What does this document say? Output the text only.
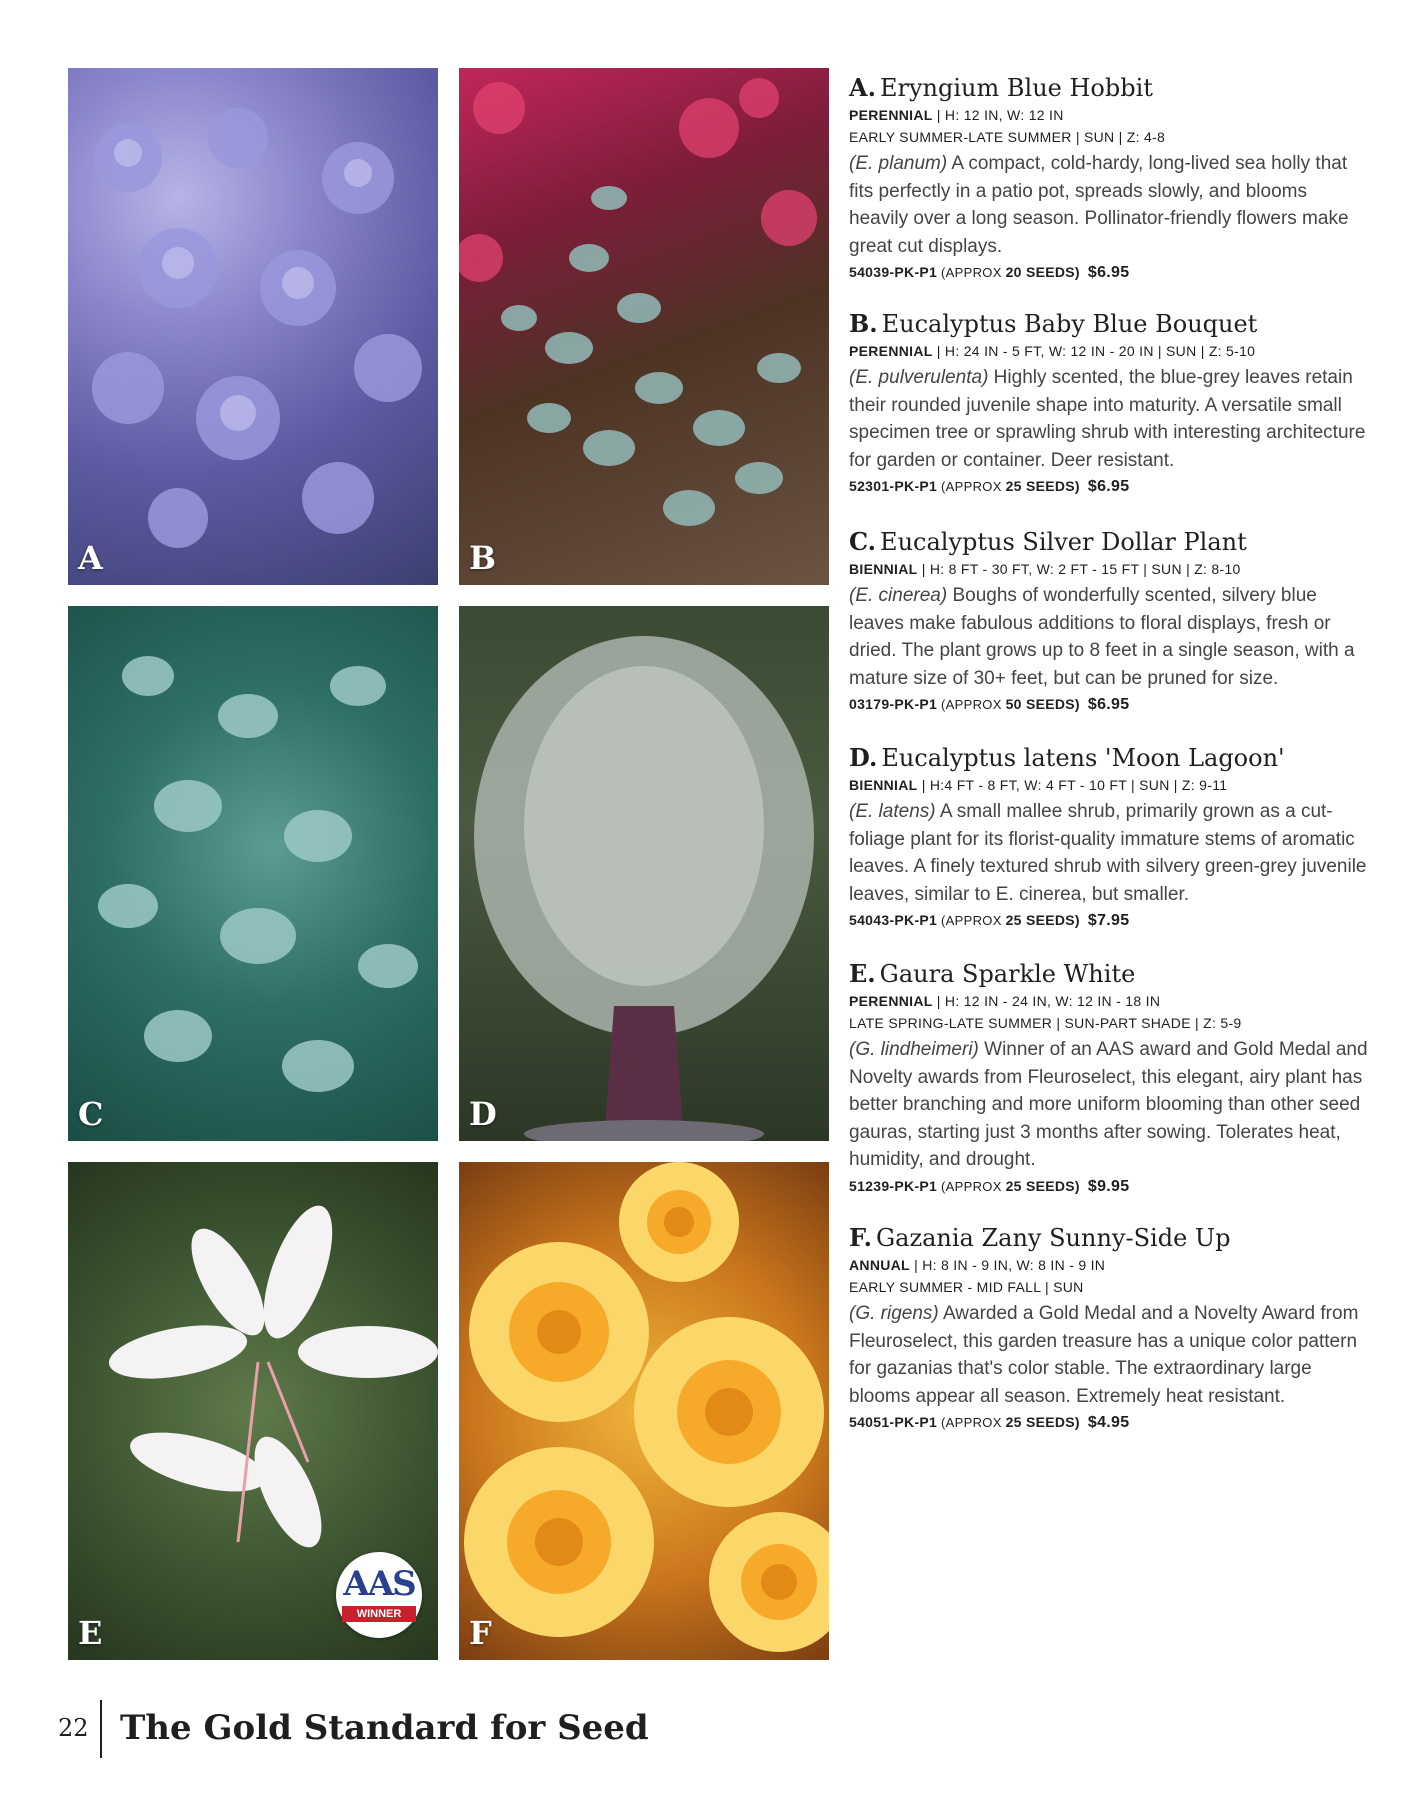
A	B
C	D
AAS
WINNER
E	F
A. Eryngium Blue Hobbit
PERENNIAL | H: 12 IN, W: 12 IN
EARLY SUMMER-LATE SUMMER | SUN | Z: 4-8
(E. planum) A compact, cold-hardy, long-lived sea holly that fits perfectly in a patio pot, spreads slowly, and blooms heavily over a long season. Pollinator-friendly flowers make great cut displays.
54039-PK-P1 (APPROX 20 SEEDS) $6.95
B. Eucalyptus Baby Blue Bouquet
PERENNIAL | H: 24 IN - 5 FT, W: 12 IN - 20 IN | SUN | Z: 5-10
(E. pulverulenta) Highly scented, the blue-grey leaves retain their rounded juvenile shape into maturity. A versatile small specimen tree or sprawling shrub with interesting architecture for garden or container. Deer resistant.
52301-PK-P1 (APPROX 25 SEEDS) $6.95
C. Eucalyptus Silver Dollar Plant
BIENNIAL | H: 8 FT - 30 FT, W: 2 FT - 15 FT | SUN | Z: 8-10
(E. cinerea) Boughs of wonderfully scented, silvery blue leaves make fabulous additions to floral displays, fresh or dried. The plant grows up to 8 feet in a single season, with a mature size of 30+ feet, but can be pruned for size.
03179-PK-P1 (APPROX 50 SEEDS) $6.95
D. Eucalyptus latens 'Moon Lagoon'
BIENNIAL | H:4 FT - 8 FT, W: 4 FT - 10 FT | SUN | Z: 9-11
(E. latens) A small mallee shrub, primarily grown as a cut-foliage plant for its florist-quality immature stems of aromatic leaves. A finely textured shrub with silvery green-grey juvenile leaves, similar to E. cinerea, but smaller.
54043-PK-P1 (APPROX 25 SEEDS) $7.95
E. Gaura Sparkle White
PERENNIAL | H: 12 IN - 24 IN, W: 12 IN - 18 IN
LATE SPRING-LATE SUMMER | SUN-PART SHADE | Z: 5-9
(G. lindheimeri) Winner of an AAS award and Gold Medal and Novelty awards from Fleuroselect, this elegant, airy plant has better branching and more uniform blooming than other seed gauras, starting just 3 months after sowing. Tolerates heat, humidity, and drought.
51239-PK-P1 (APPROX 25 SEEDS) $9.95
F. Gazania Zany Sunny-Side Up
ANNUAL | H: 8 IN - 9 IN, W: 8 IN - 9 IN
EARLY SUMMER - MID FALL | SUN
(G. rigens) Awarded a Gold Medal and a Novelty Award from Fleuroselect, this garden treasure has a unique color pattern for gazanias that's color stable. The extraordinary large blooms appear all season. Extremely heat resistant.
54051-PK-P1 (APPROX 25 SEEDS) $4.95
22 The Gold Standard for Seed
